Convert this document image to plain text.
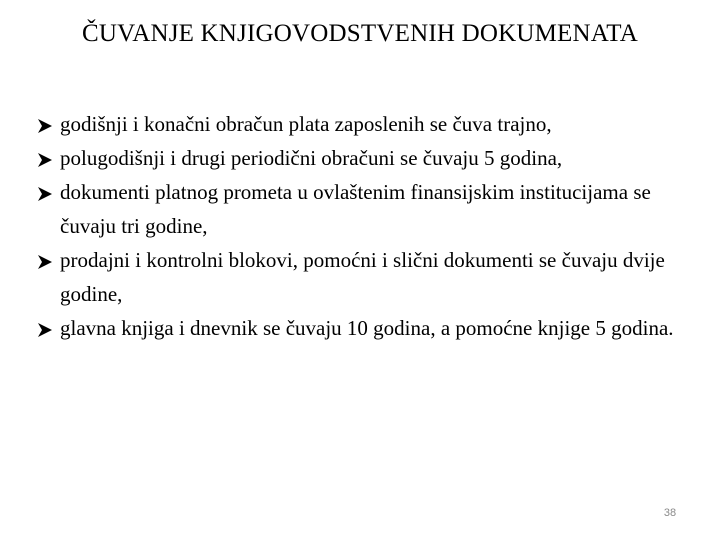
ČUVANJE KNJIGOVODSTVENIH DOKUMENATA
godišnji i konačni obračun plata zaposlenih se čuva trajno,
polugodišnji i drugi periodični obračuni se čuvaju 5 godina,
dokumenti platnog prometa u ovlaštenim finansijskim institucijama se čuvaju tri godine,
prodajni i kontrolni blokovi, pomoćni i slični dokumenti se čuvaju dvije godine,
glavna knjiga i dnevnik se čuvaju 10 godina, a pomoćne knjige 5 godina.
38
